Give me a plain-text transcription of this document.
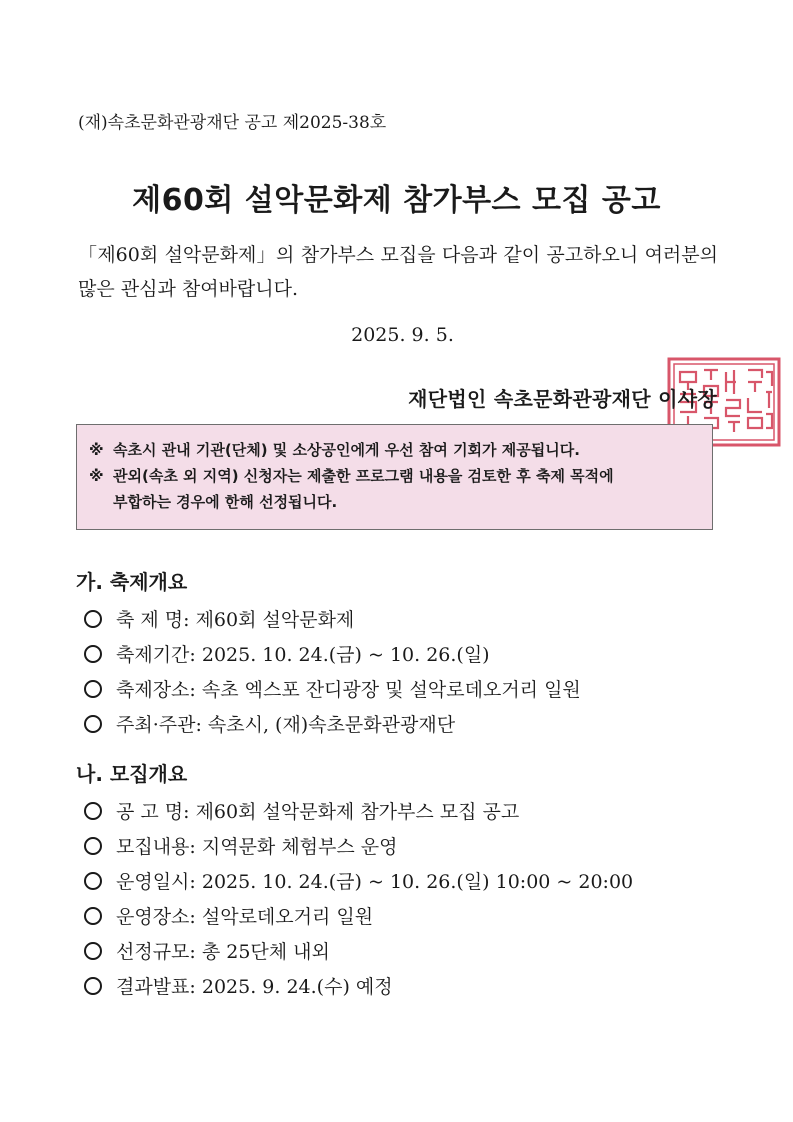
(재)속초문화관광재단 공고 제2025-38호
제60회 설악문화제 참가부스 모집 공고
「제60회 설악문화제」의 참가부스 모집을 다음과 같이 공고하오니 여러분의 많은 관심과 참여바랍니다.
2025. 9. 5.
재단법인 속초문화관광재단 이사장
※ 속초시 관내 기관(단체) 및 소상공인에게 우선 참여 기회가 제공됩니다.
※ 관외(속초 외 지역) 신청자는 제출한 프로그램 내용을 검토한 후 축제 목적에
부합하는 경우에 한해 선정됩니다.
가. 축제개요
축 제 명: 제60회 설악문화제
축제기간: 2025. 10. 24.(금) ~ 10. 26.(일)
축제장소: 속초 엑스포 잔디광장 및 설악로데오거리 일원
주최·주관: 속초시, (재)속초문화관광재단
나. 모집개요
공 고 명: 제60회 설악문화제 참가부스 모집 공고
모집내용: 지역문화 체험부스 운영
운영일시: 2025. 10. 24.(금) ~ 10. 26.(일) 10:00 ~ 20:00
운영장소: 설악로데오거리 일원
선정규모: 총 25단체 내외
결과발표: 2025. 9. 24.(수) 예정
